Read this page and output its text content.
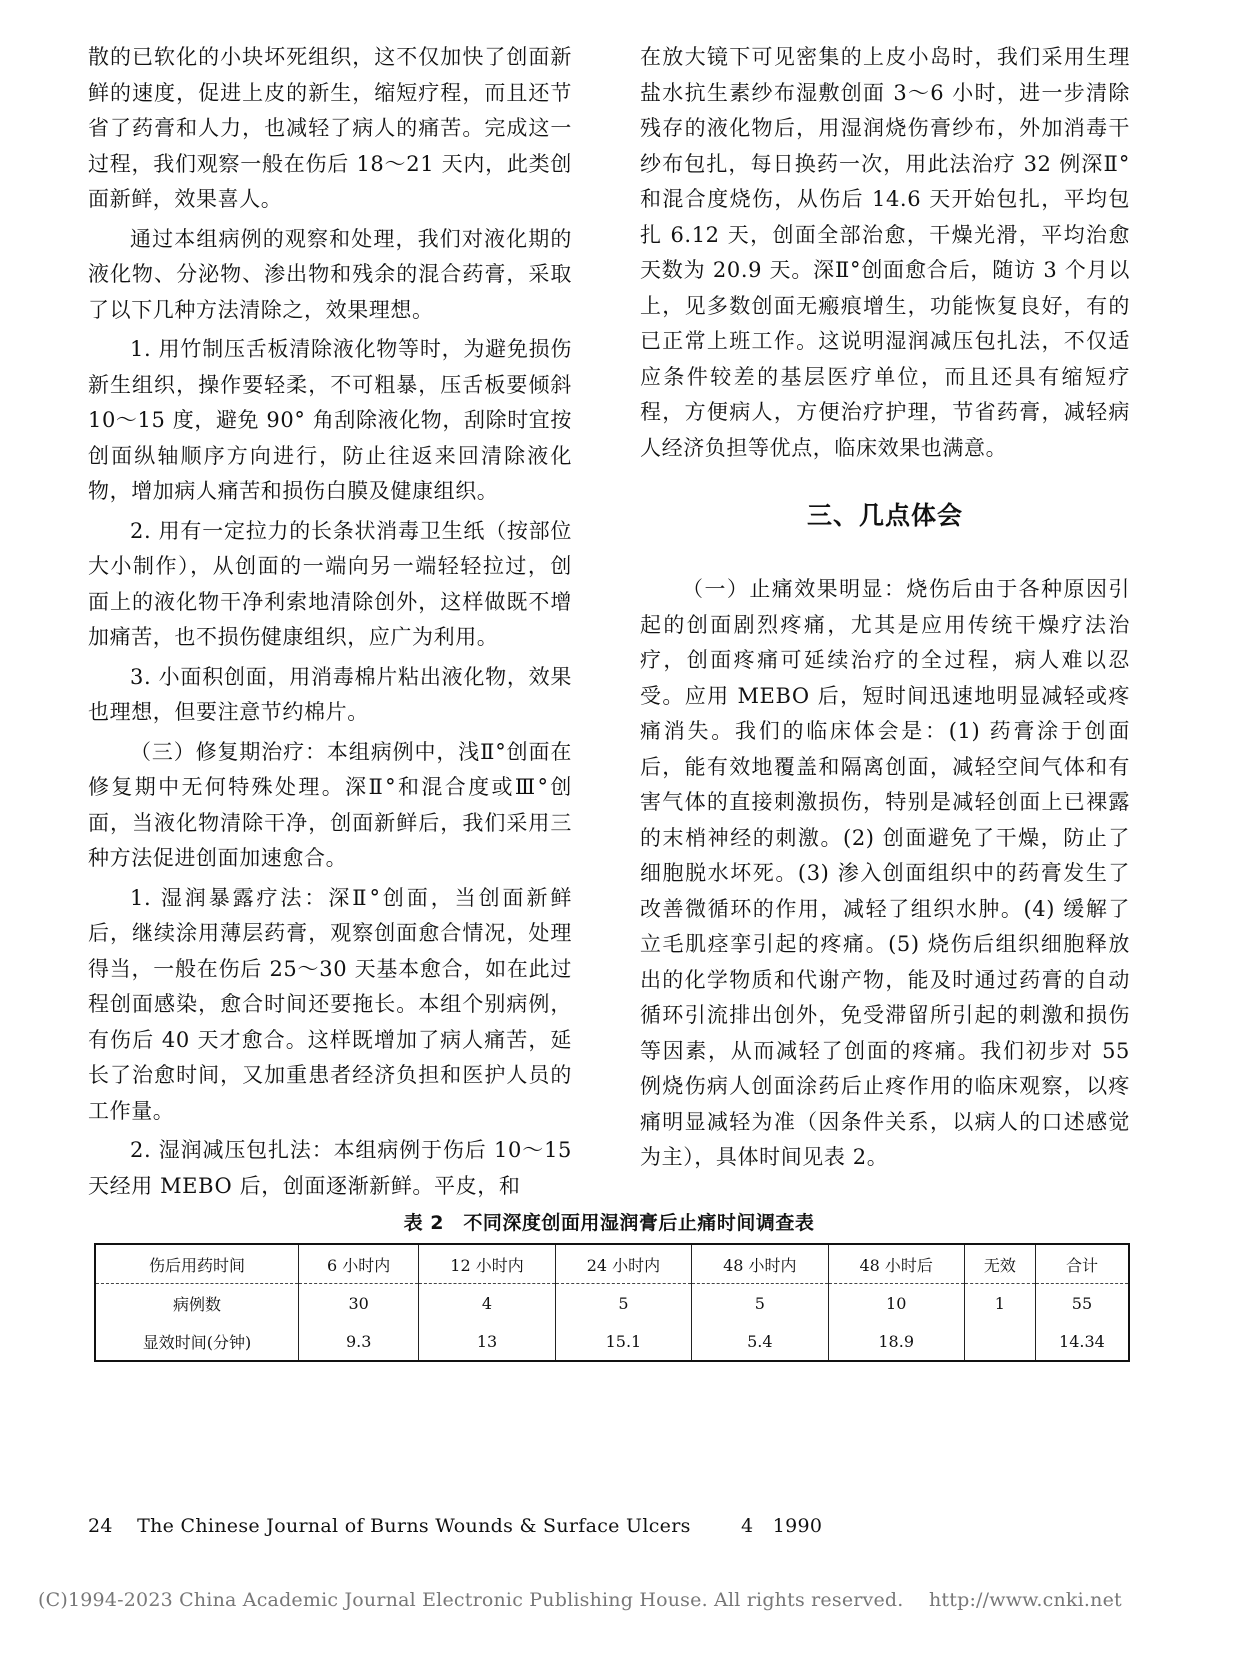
散的已软化的小块坏死组织，这不仅加快了创面新鲜的速度，促进上皮的新生，缩短疗程，而且还节省了药膏和人力，也减轻了病人的痛苦。完成这一过程，我们观察一般在伤后 18～21 天内，此类创面新鲜，效果喜人。

通过本组病例的观察和处理，我们对液化期的液化物、分泌物、渗出物和残余的混合药膏，采取了以下几种方法清除之，效果理想。

1. 用竹制压舌板清除液化物等时，为避免损伤新生组织，操作要轻柔，不可粗暴，压舌板要倾斜 10～15 度，避免 90° 角刮除液化物，刮除时宜按创面纵轴顺序方向进行，防止往返来回清除液化物，增加病人痛苦和损伤白膜及健康组织。

2. 用有一定拉力的长条状消毒卫生纸（按部位大小制作），从创面的一端向另一端轻轻拉过，创面上的液化物干净利索地清除创外，这样做既不增加痛苦，也不损伤健康组织，应广为利用。

3. 小面积创面，用消毒棉片粘出液化物，效果也理想，但要注意节约棉片。

（三）修复期治疗：本组病例中，浅Ⅱ°创面在修复期中无何特殊处理。深Ⅱ°和混合度或Ⅲ°创面，当液化物清除干净，创面新鲜后，我们采用三种方法促进创面加速愈合。

1. 湿润暴露疗法：深Ⅱ°创面，当创面新鲜后，继续涂用薄层药膏，观察创面愈合情况，处理得当，一般在伤后 25～30 天基本愈合，如在此过程创面感染，愈合时间还要拖长。本组个别病例，有伤后 40 天才愈合。这样既增加了病人痛苦，延长了治愈时间，又加重患者经济负担和医护人员的工作量。

2. 湿润减压包扎法：本组病例于伤后 10～15 天经用 MEBO 后，创面逐渐新鲜。平皮，和

在放大镜下可见密集的上皮小岛时，我们采用生理盐水抗生素纱布湿敷创面 3～6 小时，进一步清除残存的液化物后，用湿润烧伤膏纱布，外加消毒干纱布包扎，每日换药一次，用此法治疗 32 例深Ⅱ°和混合度烧伤，从伤后 14.6 天开始包扎，平均包扎 6.12 天，创面全部治愈，干燥光滑，平均治愈天数为 20.9 天。深Ⅱ°创面愈合后，随访 3 个月以上，见多数创面无瘢痕增生，功能恢复良好，有的已正常上班工作。这说明湿润减压包扎法，不仅适应条件较差的基层医疗单位，而且还具有缩短疗程，方便病人，方便治疗护理，节省药膏，减轻病人经济负担等优点，临床效果也满意。

三、几点体会

（一）止痛效果明显：烧伤后由于各种原因引起的创面剧烈疼痛，尤其是应用传统干燥疗法治疗，创面疼痛可延续治疗的全过程，病人难以忍受。应用 MEBO 后，短时间迅速地明显减轻或疼痛消失。我们的临床体会是：(1) 药膏涂于创面后，能有效地覆盖和隔离创面，减轻空间气体和有害气体的直接刺激损伤，特别是减轻创面上已裸露的末梢神经的刺激。(2) 创面避免了干燥，防止了细胞脱水坏死。(3) 渗入创面组织中的药膏发生了改善微循环的作用，减轻了组织水肿。(4) 缓解了立毛肌痉挛引起的疼痛。(5) 烧伤后组织细胞释放出的化学物质和代谢产物，能及时通过药膏的自动循环引流排出创外，免受滞留所引起的刺激和损伤等因素，从而减轻了创面的疼痛。我们初步对 55 例烧伤病人创面涂药后止疼作用的临床观察，以疼痛明显减轻为准（因条件关系，以病人的口述感觉为主），具体时间见表 2。

表 2　不同深度创面用湿润膏后止痛时间调查表
伤后用药时间	6 小时内	12 小时内	24 小时内	48 小时内	48 小时后	无效	合计
病例数	30	4	5	5	10	1	55
显效时间(分钟)	9.3	13	15.1	5.4	18.9		14.34
24 The Chinese Journal of Burns Wounds & Surface Ulcers	4　1990
(C)1994-2023 China Academic Journal Electronic Publishing House. All rights reserved.　 http://www.cnki.net
